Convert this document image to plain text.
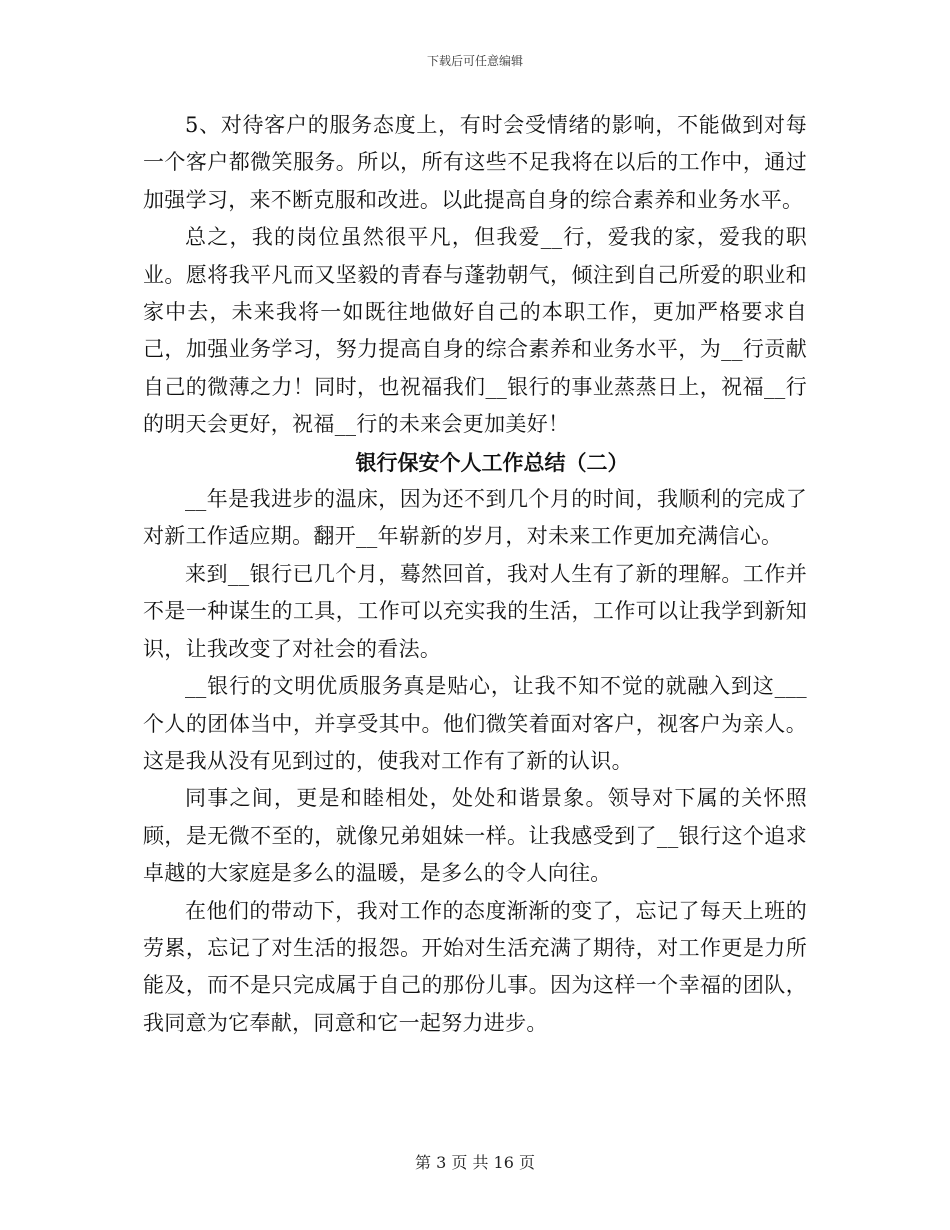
下载后可任意编辑

5、对待客户的服务态度上，有时会受情绪的影响，不能做到对每一个客户都微笑服务。所以，所有这些不足我将在以后的工作中，通过加强学习，来不断克服和改进。以此提高自身的综合素养和业务水平。

总之，我的岗位虽然很平凡，但我爱__行，爱我的家，爱我的职业。愿将我平凡而又坚毅的青春与蓬勃朝气，倾注到自己所爱的职业和家中去，未来我将一如既往地做好自己的本职工作，更加严格要求自己，加强业务学习，努力提高自身的综合素养和业务水平，为__行贡献自己的微薄之力！同时，也祝福我们__银行的事业蒸蒸日上，祝福__行的明天会更好，祝福__行的未来会更加美好！

银行保安个人工作总结（二）

__年是我进步的温床，因为还不到几个月的时间，我顺利的完成了对新工作适应期。翻开__年崭新的岁月，对未来工作更加充满信心。

来到__银行已几个月，蓦然回首，我对人生有了新的理解。工作并不是一种谋生的工具，工作可以充实我的生活，工作可以让我学到新知识，让我改变了对社会的看法。

__银行的文明优质服务真是贴心，让我不知不觉的就融入到这___个人的团体当中，并享受其中。他们微笑着面对客户，视客户为亲人。这是我从没有见到过的，使我对工作有了新的认识。

同事之间，更是和睦相处，处处和谐景象。领导对下属的关怀照顾，是无微不至的，就像兄弟姐妹一样。让我感受到了__银行这个追求卓越的大家庭是多么的温暖，是多么的令人向往。

在他们的带动下，我对工作的态度渐渐的变了，忘记了每天上班的劳累，忘记了对生活的报怨。开始对生活充满了期待，对工作更是力所能及，而不是只完成属于自己的那份儿事。因为这样一个幸福的团队，我同意为它奉献，同意和它一起努力进步。

第 3 页 共 16 页
